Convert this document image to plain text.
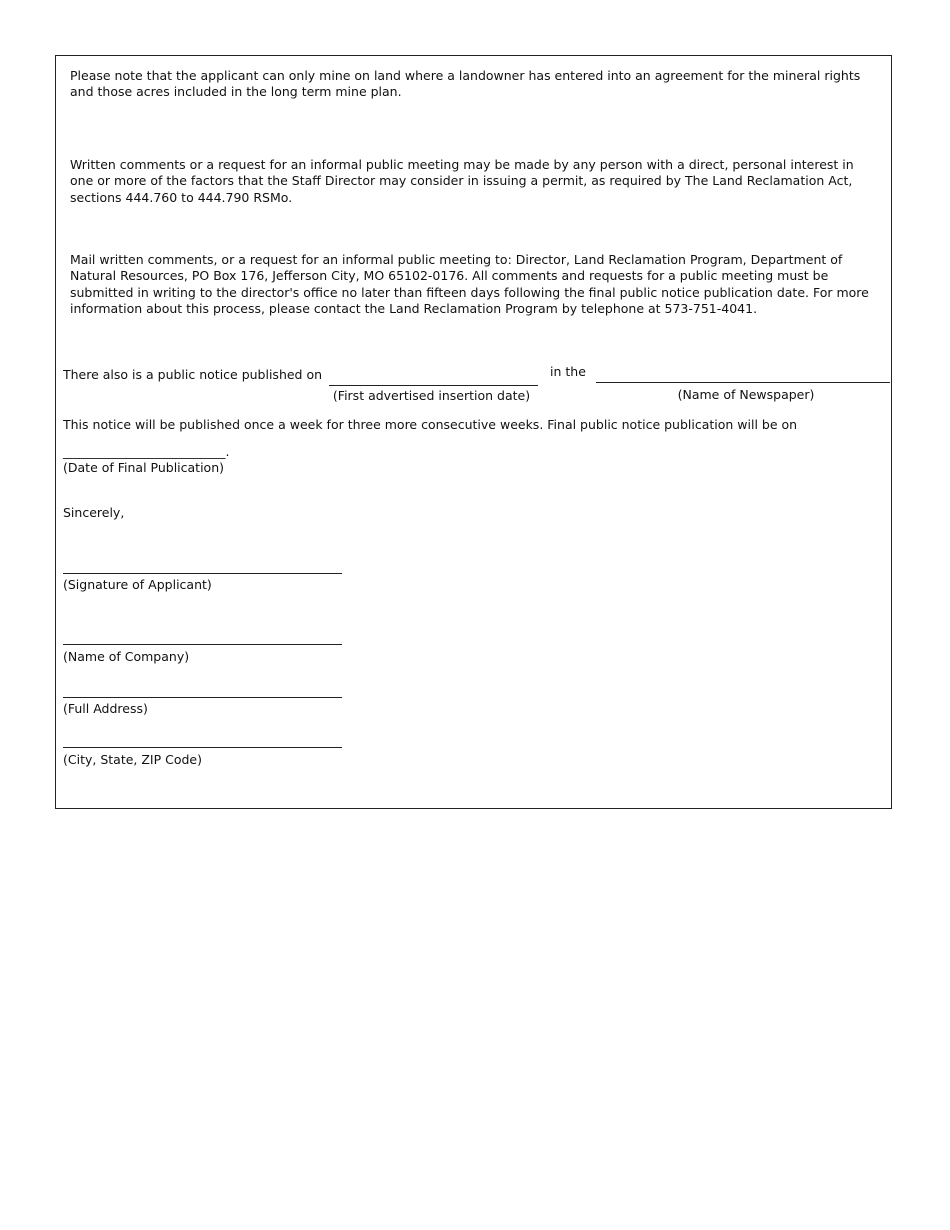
Please note that the applicant can only mine on land where a landowner has entered into an agreement for the mineral rights and those acres included in the long term mine plan.

Written comments or a request for an informal public meeting may be made by any person with a direct, personal interest in one or more of the factors that the Staff Director may consider in issuing a permit, as required by The Land Reclamation Act, sections 444.760 to 444.790 RSMo.

Mail written comments, or a request for an informal public meeting to: Director, Land Reclamation Program, Department of Natural Resources, PO Box 176, Jefferson City, MO 65102-0176. All comments and requests for a public meeting must be submitted in writing to the director's office no later than fifteen days following the final public notice publication date. For more information about this process, please contact the Land Reclamation Program by telephone at 573-751-4041.

There also is a public notice published on
(First advertised insertion date)
in the
(Name of Newspaper)
This notice will be published once a week for three more consecutive weeks. Final public notice publication will be on
__________________________.
(Date of Final Publication)
Sincerely,
(Signature of Applicant)
(Name of Company)
(Full Address)
(City, State, ZIP Code)
